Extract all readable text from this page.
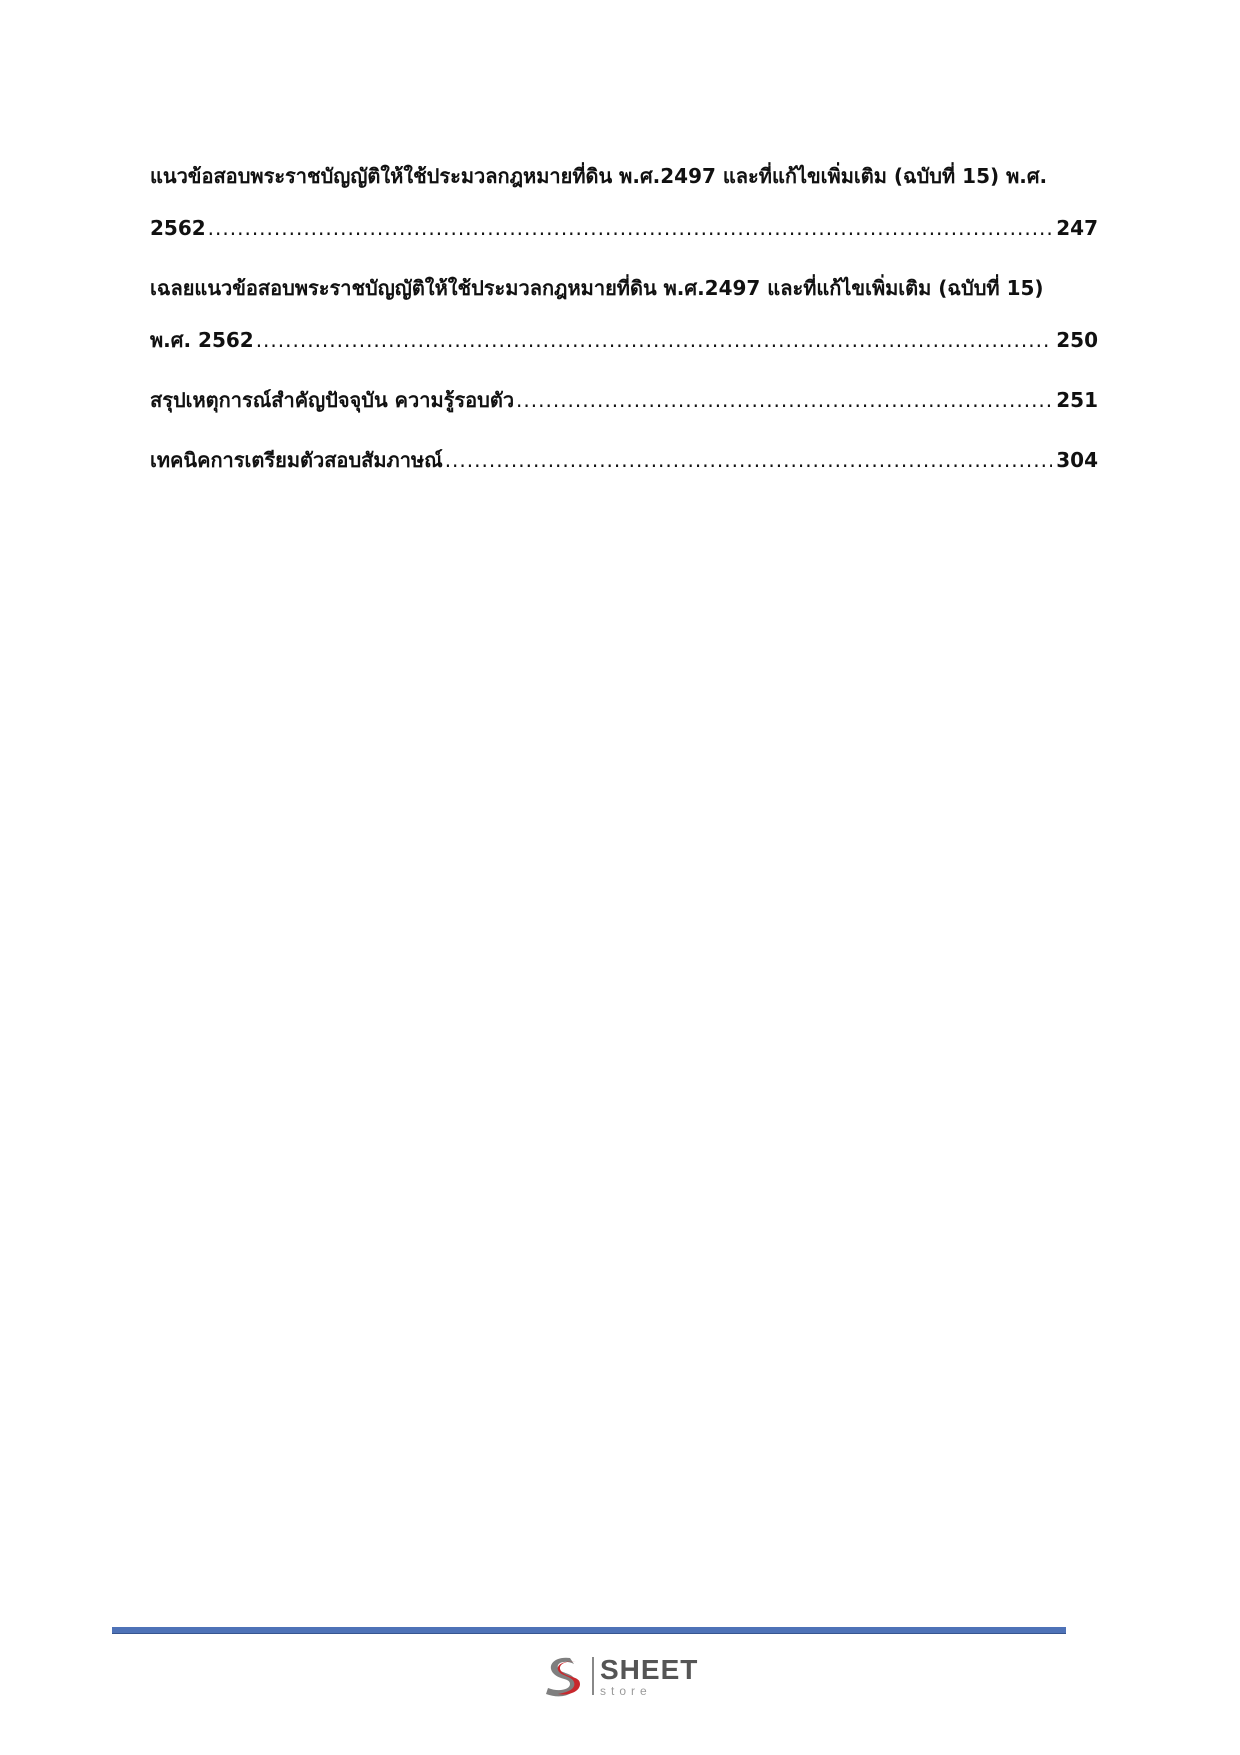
แนวข้อสอบพระราชบัญญัติให้ใช้ประมวลกฎหมายที่ดิน พ.ศ.2497 และที่แก้ไขเพิ่มเติม (ฉบับที่ 15) พ.ศ.
2562 .....	247
เฉลยแนวข้อสอบพระราชบัญญัติให้ใช้ประมวลกฎหมายที่ดิน พ.ศ.2497 และที่แก้ไขเพิ่มเติม (ฉบับที่ 15)
พ.ศ. 2562 .....	250
สรุปเหตุการณ์สำคัญปัจจุบัน ความรู้รอบตัว .....	251
เทคนิคการเตรียมตัวสอบสัมภาษณ์ .....	304
SHEET
store
